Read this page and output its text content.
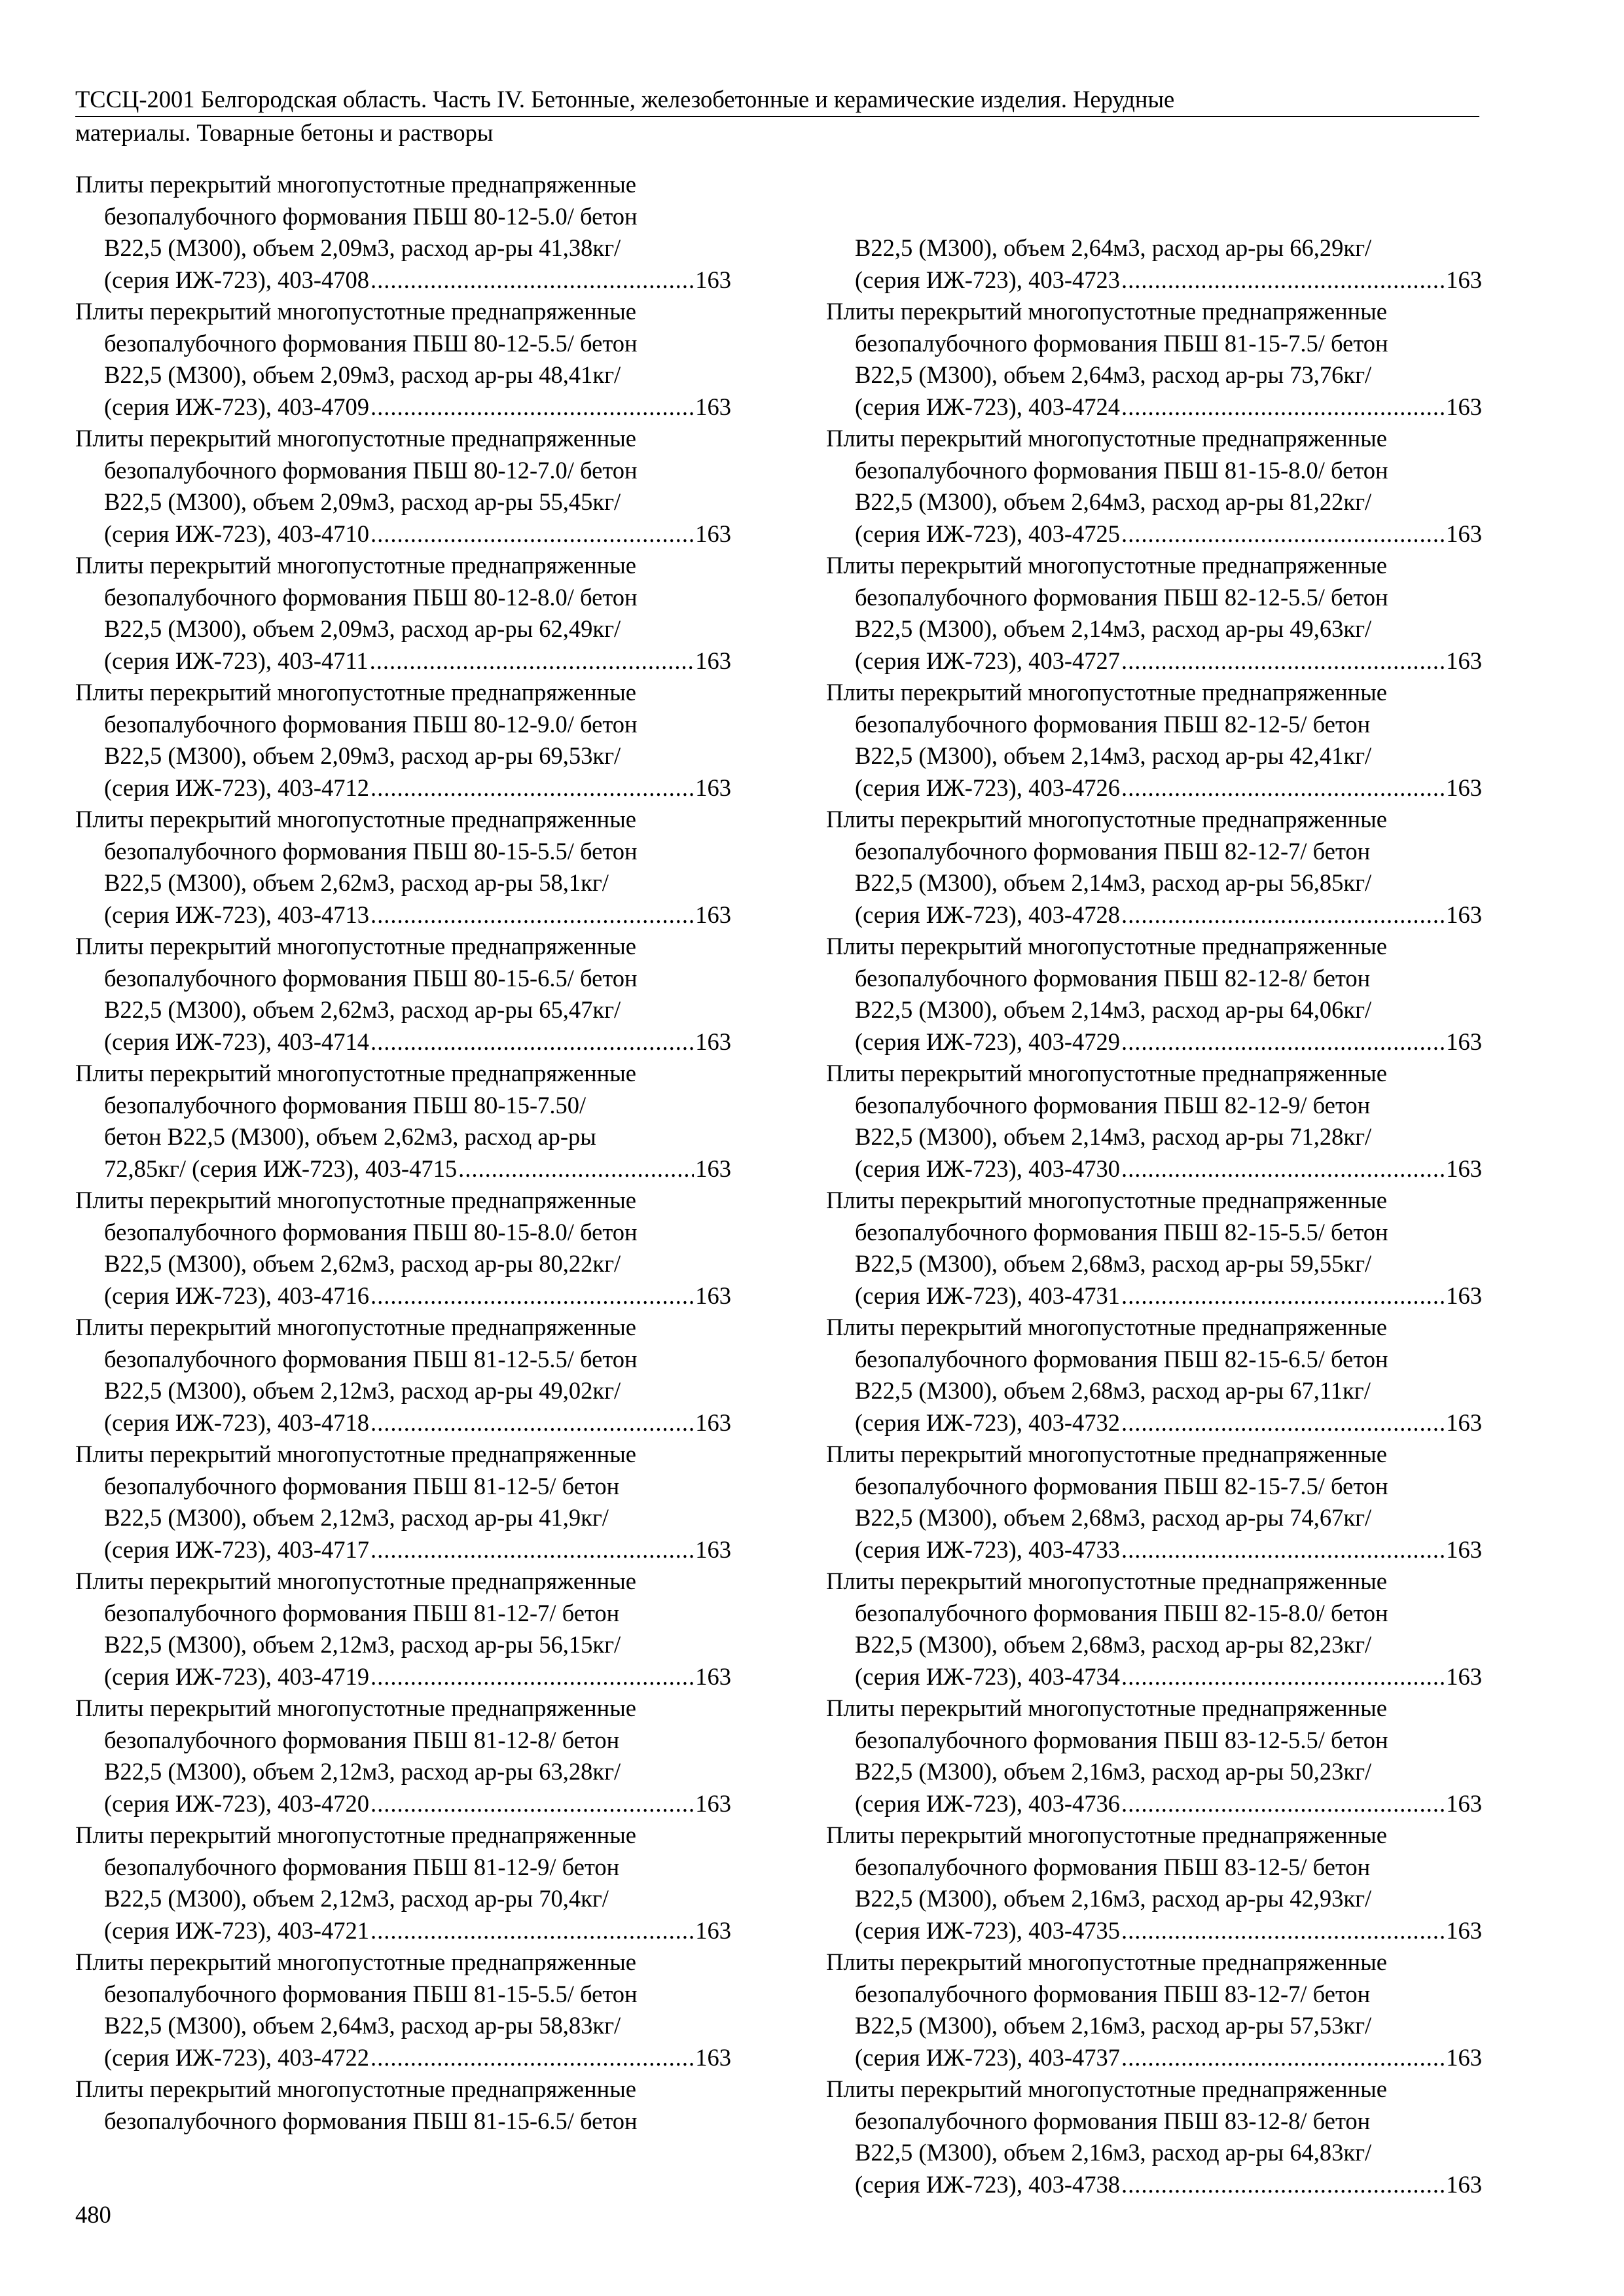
ТССЦ-2001 Белгородская область. Часть IV. Бетонные, железобетонные и керамические изделия. Нерудные
материалы. Товарные бетоны и растворы
Плиты перекрытий многопустотные преднапряженные
безопалубочного формования ПБШ 80-12-5.0/ бетон
В22,5 (М300), объем 2,09м3, расход ар-ры 41,38кг/
(серия ИЖ-723), 403-4708 .....	163
Плиты перекрытий многопустотные преднапряженные
безопалубочного формования ПБШ 80-12-5.5/ бетон
В22,5 (М300), объем 2,09м3, расход ар-ры 48,41кг/
(серия ИЖ-723), 403-4709 .....	163
Плиты перекрытий многопустотные преднапряженные
безопалубочного формования ПБШ 80-12-7.0/ бетон
В22,5 (М300), объем 2,09м3, расход ар-ры 55,45кг/
(серия ИЖ-723), 403-4710 .....	163
Плиты перекрытий многопустотные преднапряженные
безопалубочного формования ПБШ 80-12-8.0/ бетон
В22,5 (М300), объем 2,09м3, расход ар-ры 62,49кг/
(серия ИЖ-723), 403-4711 .....	163
Плиты перекрытий многопустотные преднапряженные
безопалубочного формования ПБШ 80-12-9.0/ бетон
В22,5 (М300), объем 2,09м3, расход ар-ры 69,53кг/
(серия ИЖ-723), 403-4712 .....	163
Плиты перекрытий многопустотные преднапряженные
безопалубочного формования ПБШ 80-15-5.5/ бетон
В22,5 (М300), объем 2,62м3, расход ар-ры 58,1кг/
(серия ИЖ-723), 403-4713 .....	163
Плиты перекрытий многопустотные преднапряженные
безопалубочного формования ПБШ 80-15-6.5/ бетон
В22,5 (М300), объем 2,62м3, расход ар-ры 65,47кг/
(серия ИЖ-723), 403-4714 .....	163
Плиты перекрытий многопустотные преднапряженные
безопалубочного формования ПБШ 80-15-7.50/
бетон В22,5 (М300), объем 2,62м3, расход ар-ры
72,85кг/ (серия ИЖ-723), 403-4715 .....	163
Плиты перекрытий многопустотные преднапряженные
безопалубочного формования ПБШ 80-15-8.0/ бетон
В22,5 (М300), объем 2,62м3, расход ар-ры 80,22кг/
(серия ИЖ-723), 403-4716 .....	163
Плиты перекрытий многопустотные преднапряженные
безопалубочного формования ПБШ 81-12-5.5/ бетон
В22,5 (М300), объем 2,12м3, расход ар-ры 49,02кг/
(серия ИЖ-723), 403-4718 .....	163
Плиты перекрытий многопустотные преднапряженные
безопалубочного формования ПБШ 81-12-5/ бетон
В22,5 (М300), объем 2,12м3, расход ар-ры 41,9кг/
(серия ИЖ-723), 403-4717 .....	163
Плиты перекрытий многопустотные преднапряженные
безопалубочного формования ПБШ 81-12-7/ бетон
В22,5 (М300), объем 2,12м3, расход ар-ры 56,15кг/
(серия ИЖ-723), 403-4719 .....	163
Плиты перекрытий многопустотные преднапряженные
безопалубочного формования ПБШ 81-12-8/ бетон
В22,5 (М300), объем 2,12м3, расход ар-ры 63,28кг/
(серия ИЖ-723), 403-4720 .....	163
Плиты перекрытий многопустотные преднапряженные
безопалубочного формования ПБШ 81-12-9/ бетон
В22,5 (М300), объем 2,12м3, расход ар-ры 70,4кг/
(серия ИЖ-723), 403-4721 .....	163
Плиты перекрытий многопустотные преднапряженные
безопалубочного формования ПБШ 81-15-5.5/ бетон
В22,5 (М300), объем 2,64м3, расход ар-ры 58,83кг/
(серия ИЖ-723), 403-4722 .....	163
Плиты перекрытий многопустотные преднапряженные
безопалубочного формования ПБШ 81-15-6.5/ бетон
В22,5 (М300), объем 2,64м3, расход ар-ры 66,29кг/
(серия ИЖ-723), 403-4723 .....	163
Плиты перекрытий многопустотные преднапряженные
безопалубочного формования ПБШ 81-15-7.5/ бетон
В22,5 (М300), объем 2,64м3, расход ар-ры 73,76кг/
(серия ИЖ-723), 403-4724 .....	163
Плиты перекрытий многопустотные преднапряженные
безопалубочного формования ПБШ 81-15-8.0/ бетон
В22,5 (М300), объем 2,64м3, расход ар-ры 81,22кг/
(серия ИЖ-723), 403-4725 .....	163
Плиты перекрытий многопустотные преднапряженные
безопалубочного формования ПБШ 82-12-5.5/ бетон
В22,5 (М300), объем 2,14м3, расход ар-ры 49,63кг/
(серия ИЖ-723), 403-4727 .....	163
Плиты перекрытий многопустотные преднапряженные
безопалубочного формования ПБШ 82-12-5/ бетон
В22,5 (М300), объем 2,14м3, расход ар-ры 42,41кг/
(серия ИЖ-723), 403-4726 .....	163
Плиты перекрытий многопустотные преднапряженные
безопалубочного формования ПБШ 82-12-7/ бетон
В22,5 (М300), объем 2,14м3, расход ар-ры 56,85кг/
(серия ИЖ-723), 403-4728 .....	163
Плиты перекрытий многопустотные преднапряженные
безопалубочного формования ПБШ 82-12-8/ бетон
В22,5 (М300), объем 2,14м3, расход ар-ры 64,06кг/
(серия ИЖ-723), 403-4729 .....	163
Плиты перекрытий многопустотные преднапряженные
безопалубочного формования ПБШ 82-12-9/ бетон
В22,5 (М300), объем 2,14м3, расход ар-ры 71,28кг/
(серия ИЖ-723), 403-4730 .....	163
Плиты перекрытий многопустотные преднапряженные
безопалубочного формования ПБШ 82-15-5.5/ бетон
В22,5 (М300), объем 2,68м3, расход ар-ры 59,55кг/
(серия ИЖ-723), 403-4731 .....	163
Плиты перекрытий многопустотные преднапряженные
безопалубочного формования ПБШ 82-15-6.5/ бетон
В22,5 (М300), объем 2,68м3, расход ар-ры 67,11кг/
(серия ИЖ-723), 403-4732 .....	163
Плиты перекрытий многопустотные преднапряженные
безопалубочного формования ПБШ 82-15-7.5/ бетон
В22,5 (М300), объем 2,68м3, расход ар-ры 74,67кг/
(серия ИЖ-723), 403-4733 .....	163
Плиты перекрытий многопустотные преднапряженные
безопалубочного формования ПБШ 82-15-8.0/ бетон
В22,5 (М300), объем 2,68м3, расход ар-ры 82,23кг/
(серия ИЖ-723), 403-4734 .....	163
Плиты перекрытий многопустотные преднапряженные
безопалубочного формования ПБШ 83-12-5.5/ бетон
В22,5 (М300), объем 2,16м3, расход ар-ры 50,23кг/
(серия ИЖ-723), 403-4736 .....	163
Плиты перекрытий многопустотные преднапряженные
безопалубочного формования ПБШ 83-12-5/ бетон
В22,5 (М300), объем 2,16м3, расход ар-ры 42,93кг/
(серия ИЖ-723), 403-4735 .....	163
Плиты перекрытий многопустотные преднапряженные
безопалубочного формования ПБШ 83-12-7/ бетон
В22,5 (М300), объем 2,16м3, расход ар-ры 57,53кг/
(серия ИЖ-723), 403-4737 .....	163
Плиты перекрытий многопустотные преднапряженные
безопалубочного формования ПБШ 83-12-8/ бетон
В22,5 (М300), объем 2,16м3, расход ар-ры 64,83кг/
(серия ИЖ-723), 403-4738 .....	163
480
